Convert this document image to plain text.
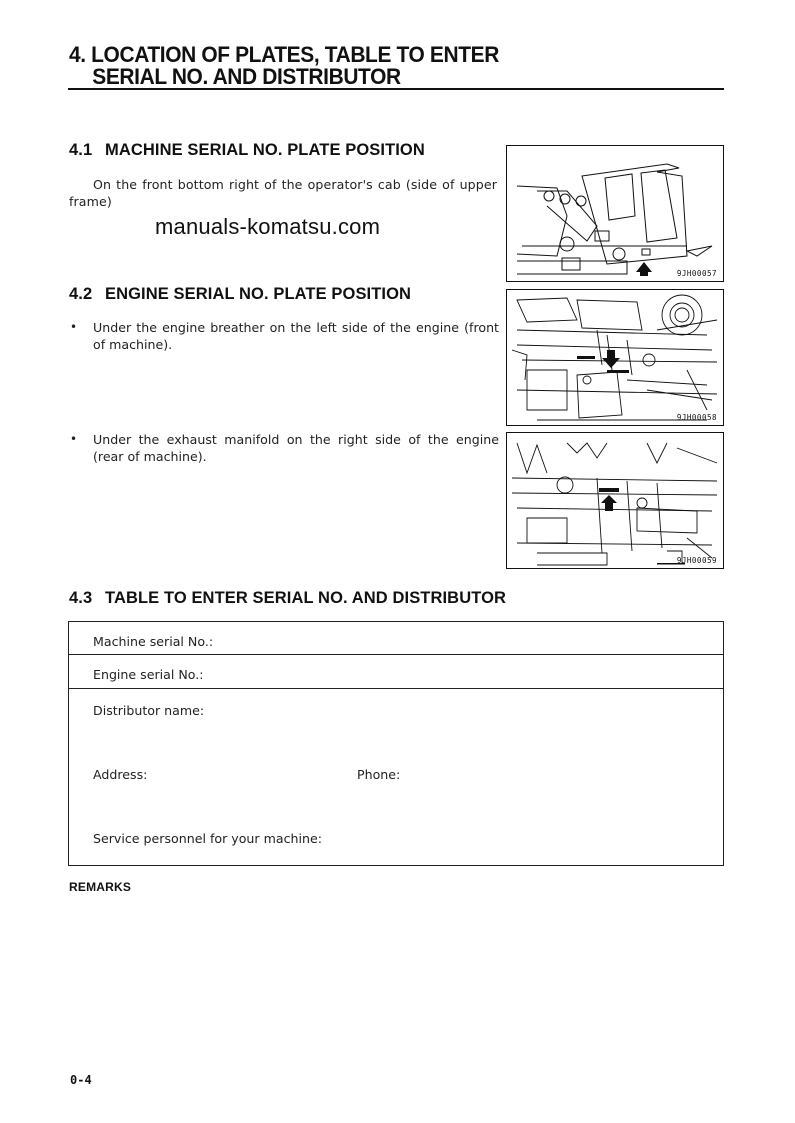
4. LOCATION OF PLATES, TABLE TO ENTER
SERIAL NO. AND DISTRIBUTOR
4.1 MACHINE SERIAL NO. PLATE POSITION
On the front bottom right of the operator's cab (side of upper frame)
manuals-komatsu.com
9JH00057
4.2 ENGINE SERIAL NO. PLATE POSITION
•	Under the engine breather on the left side of the engine (front of machine).
•	Under the exhaust manifold on the right side of the engine (rear of machine).
9JH00058
9JH00059
4.3 TABLE TO ENTER SERIAL NO. AND DISTRIBUTOR
Machine serial No.:
Engine serial No.:
Distributor name:
Address:	Phone:
Service personnel for your machine:
REMARKS
0-4
